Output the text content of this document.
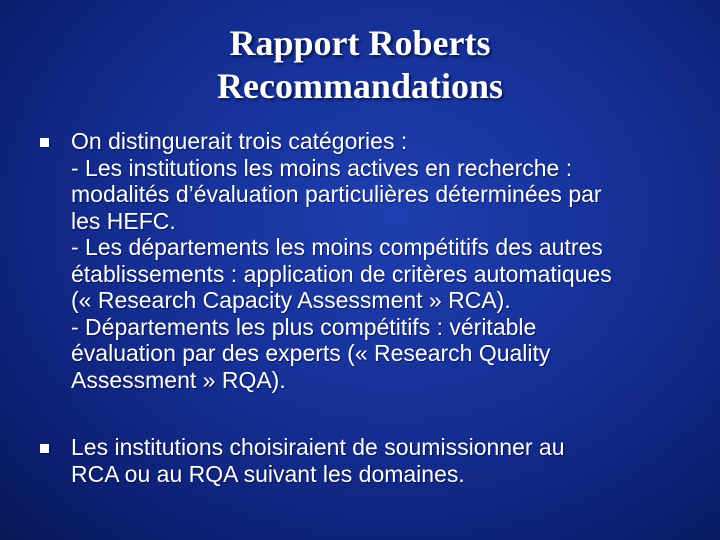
Rapport Roberts
Recommandations
On distinguerait trois catégories :
- Les institutions les moins actives en recherche :
modalités d’évaluation particulières déterminées par
les HEFC.
- Les départements les moins compétitifs des autres
établissements : application de critères automatiques
(« Research Capacity Assessment » RCA).
- Départements les plus compétitifs : véritable
évaluation par des experts (« Research Quality
Assessment » RQA).
Les institutions choisiraient de soumissionner au
RCA ou au RQA suivant les domaines.
